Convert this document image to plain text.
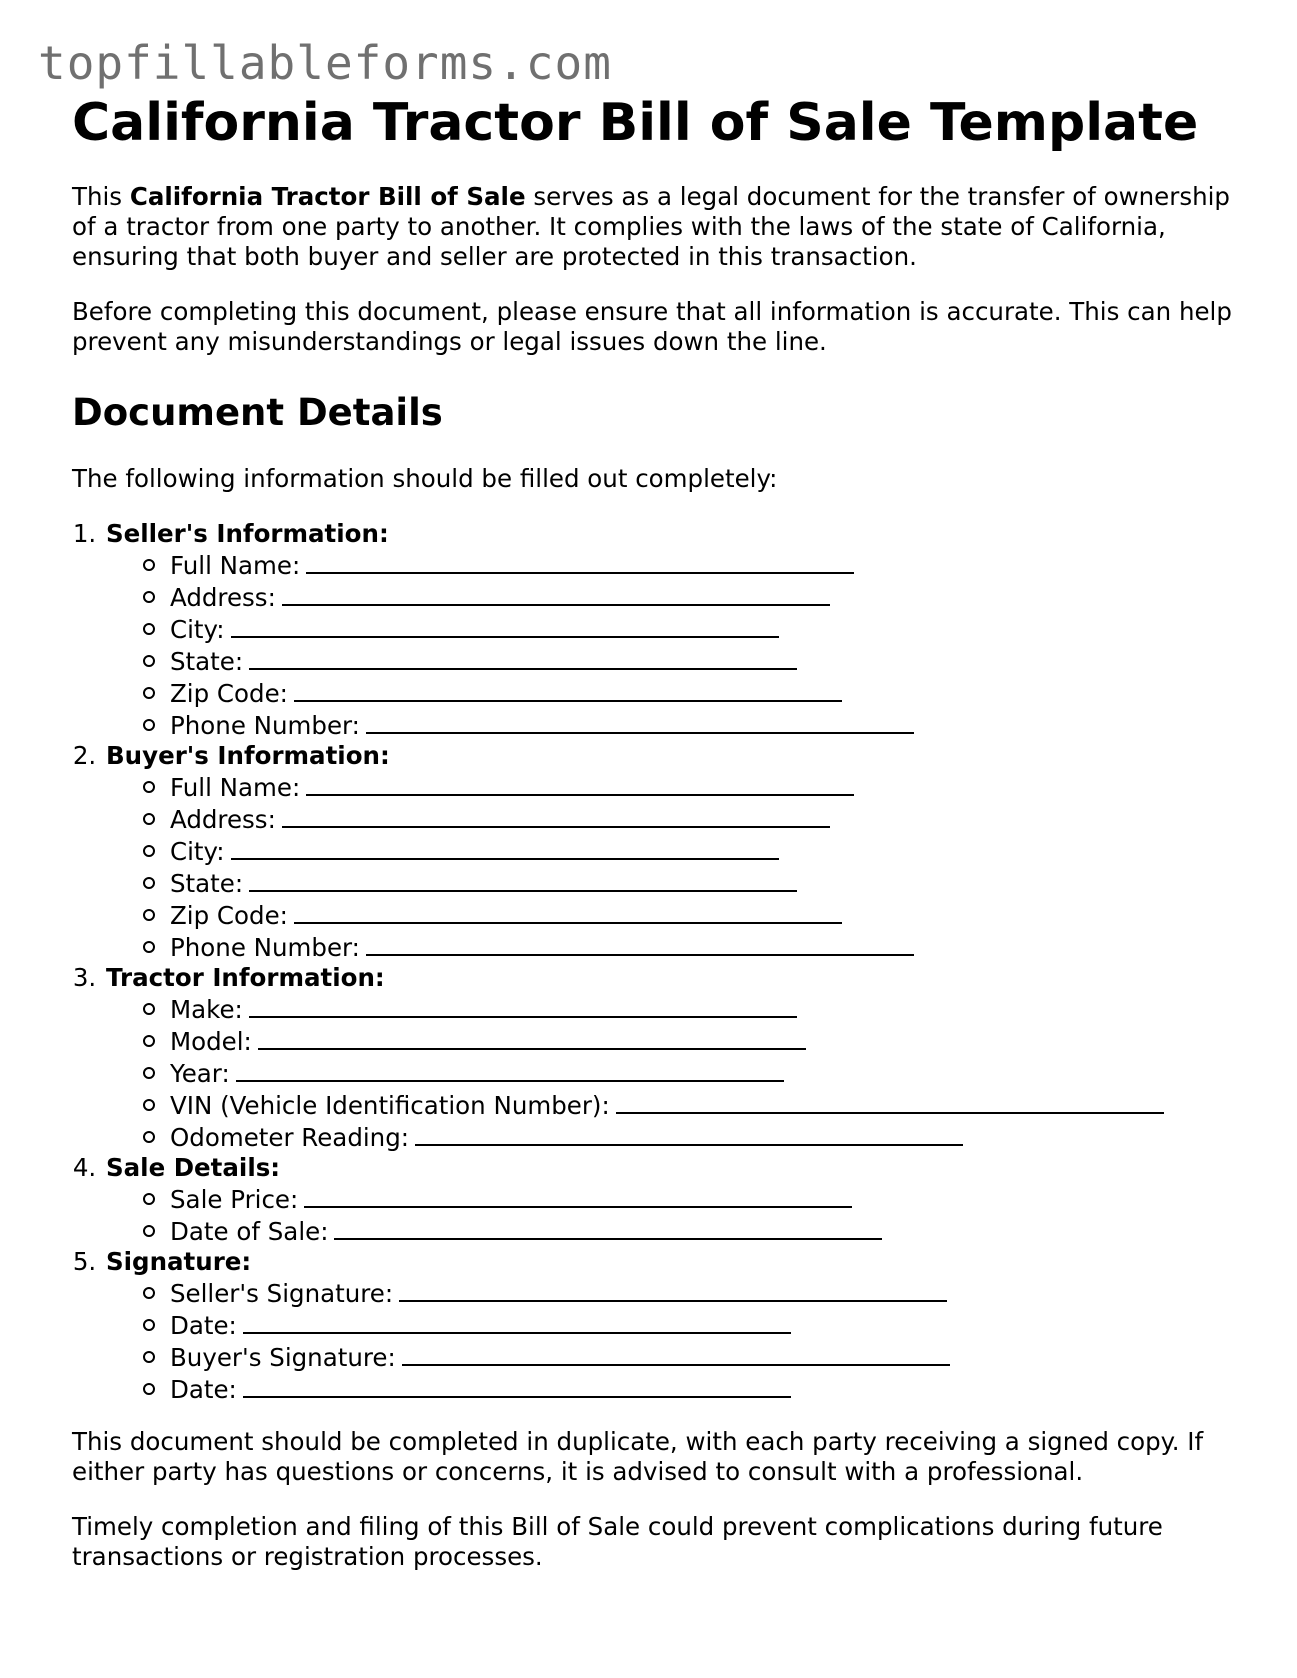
topfillableforms.com
California Tractor Bill of Sale Template

This California Tractor Bill of Sale serves as a legal document for the transfer of ownership of a tractor from one party to another. It complies with the laws of the state of California, ensuring that both buyer and seller are protected in this transaction.

Before completing this document, please ensure that all information is accurate. This can help prevent any misunderstandings or legal issues down the line.

Document Details

The following information should be filled out completely:

1. Seller's Information:
Full Name:
Address:
City:
State:
Zip Code:
Phone Number:
2. Buyer's Information:
Full Name:
Address:
City:
State:
Zip Code:
Phone Number:
3. Tractor Information:
Make:
Model:
Year:
VIN (Vehicle Identification Number):
Odometer Reading:
4. Sale Details:
Sale Price:
Date of Sale:
5. Signature:
Seller's Signature:
Date:
Buyer's Signature:
Date:

This document should be completed in duplicate, with each party receiving a signed copy. If either party has questions or concerns, it is advised to consult with a professional.

Timely completion and filing of this Bill of Sale could prevent complications during future transactions or registration processes.
